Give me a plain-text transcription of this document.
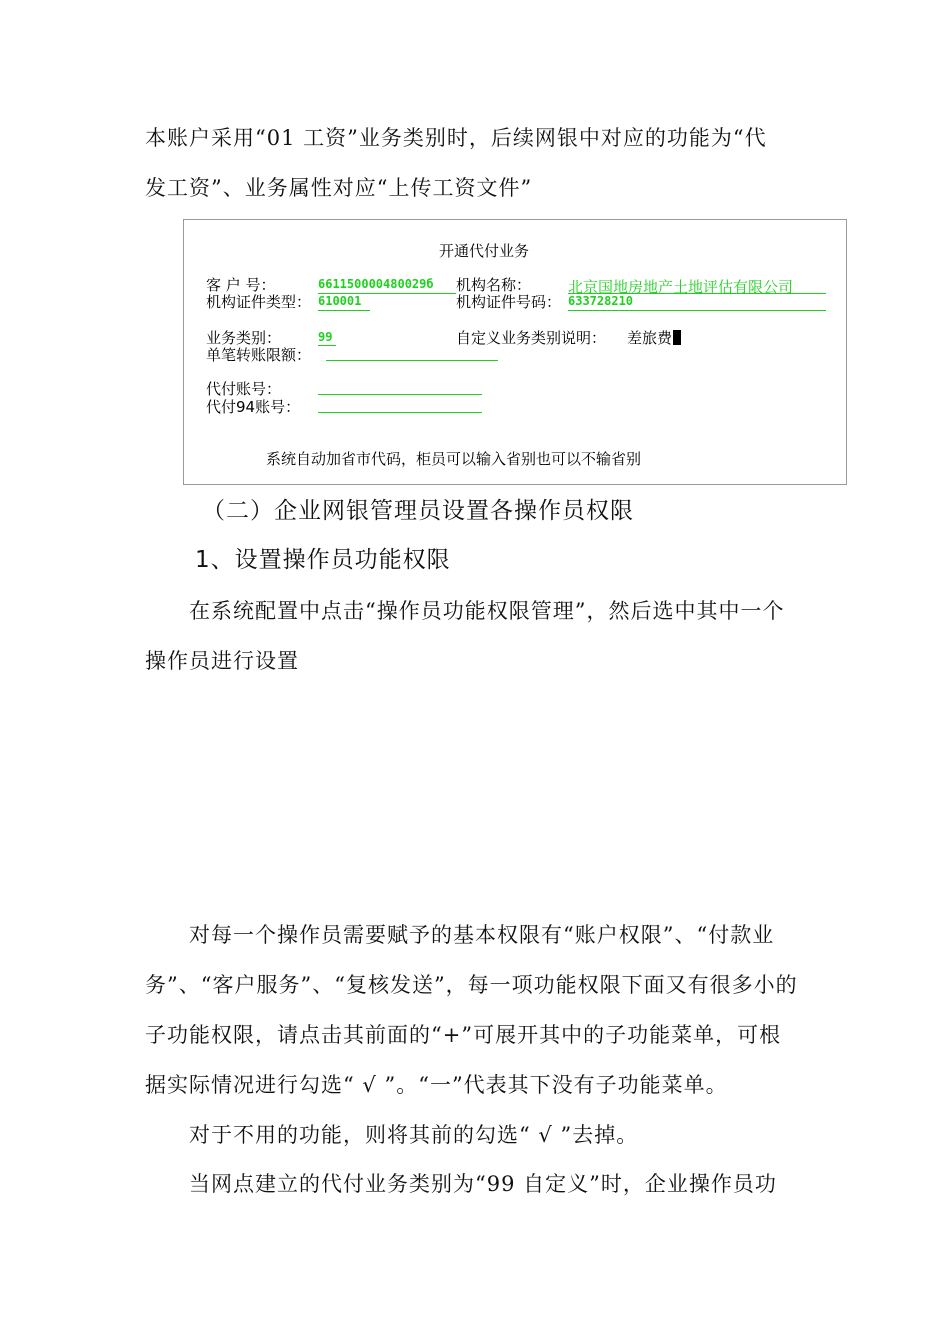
本账户采用“01 工资”业务类别时，后续网银中对应的功能为“代
发工资”、业务属性对应“上传工资文件”
开通代付业务
客 户 号：	661150000480029б 机构名称： 北京国地房地产土地评估有限公司
机构证件类型： 610001	机构证件号码： 633728210
业务类别：	99	自定义业务类别说明： 差旅费
单笔转账限额：
代付账号：
代付94账号：
系统自动加省市代码，柜员可以输入省别也可以不输省别
（二）企业网银管理员设置各操作员权限
1、设置操作员功能权限
在系统配置中点击“操作员功能权限管理”，然后选中其中一个
操作员进行设置
对每一个操作员需要赋予的基本权限有“账户权限”、“付款业
务”、“客户服务”、“复核发送”，每一项功能权限下面又有很多小的
子功能权限，请点击其前面的“+”可展开其中的子功能菜单，可根
据实际情况进行勾选“ √ ”。“一”代表其下没有子功能菜单。
对于不用的功能，则将其前的勾选“ √ ”去掉。
当网点建立的代付业务类别为“99 自定义”时，企业操作员功
